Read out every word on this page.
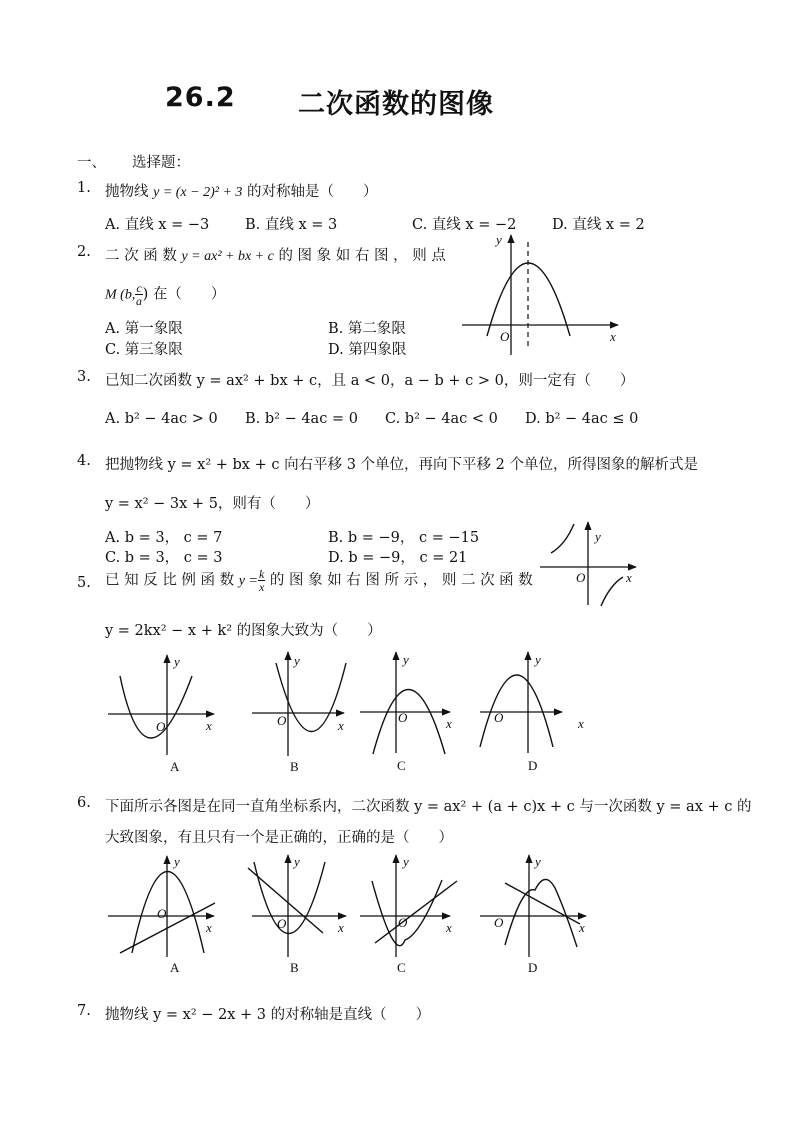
26.2 二次函数的图像
一、 选择题：
1. 抛物线 y = (x − 2)² + 3 的对称轴是（　　）
A. 直线 x = −3 B. 直线 x = 3	C. 直线 x = −2 D. 直线 x = 2
2. 二 次 函 数 y = ax² + bx + c 的 图 象 如 右 图 ， 则 点
M (b, $\frac{c}{a}$ ) 在（　　）
A. 第一象限	B. 第二象限
C. 第三象限	D. 第四象限
3. 已知二次函数 y = ax² + bx + c，且 a < 0，a − b + c > 0，则一定有（　　）
A. b² − 4ac > 0 B. b² − 4ac = 0 C. b² − 4ac < 0 D. b² − 4ac ≤ 0
4. 把抛物线 y = x² + bx + c 向右平移 3 个单位，再向下平移 2 个单位，所得图象的解析式是
y = x² − 3x + 5，则有（　　）
A. b = 3， c = 7	B. b = −9， c = −15
C. b = 3， c = 3	D. b = −9， c = 21
5. 已 知 反 比 例 函 数 $y = \frac{k}{x}$ 的 图 象 如 右 图 所 示 ， 则 二 次 函 数
y = 2kx² − x + k² 的图象大致为（　　）
6. 下面所示各图是在同一直角坐标系内，二次函数 y = ax² + (a + c)x + c 与一次函数 y = ax + c 的
大致图象，有且只有一个是正确的，正确的是（　　）
7. 抛物线 y = x² − 2x + 3 的对称轴是直线（　　）
y
O	x
y
O	x
y
O	x
A
y
O	x
B
y
O	x
C
y
O	x
D
y
O
x
A
y
O	x
B
y
O	x
C
y
O	x
D
